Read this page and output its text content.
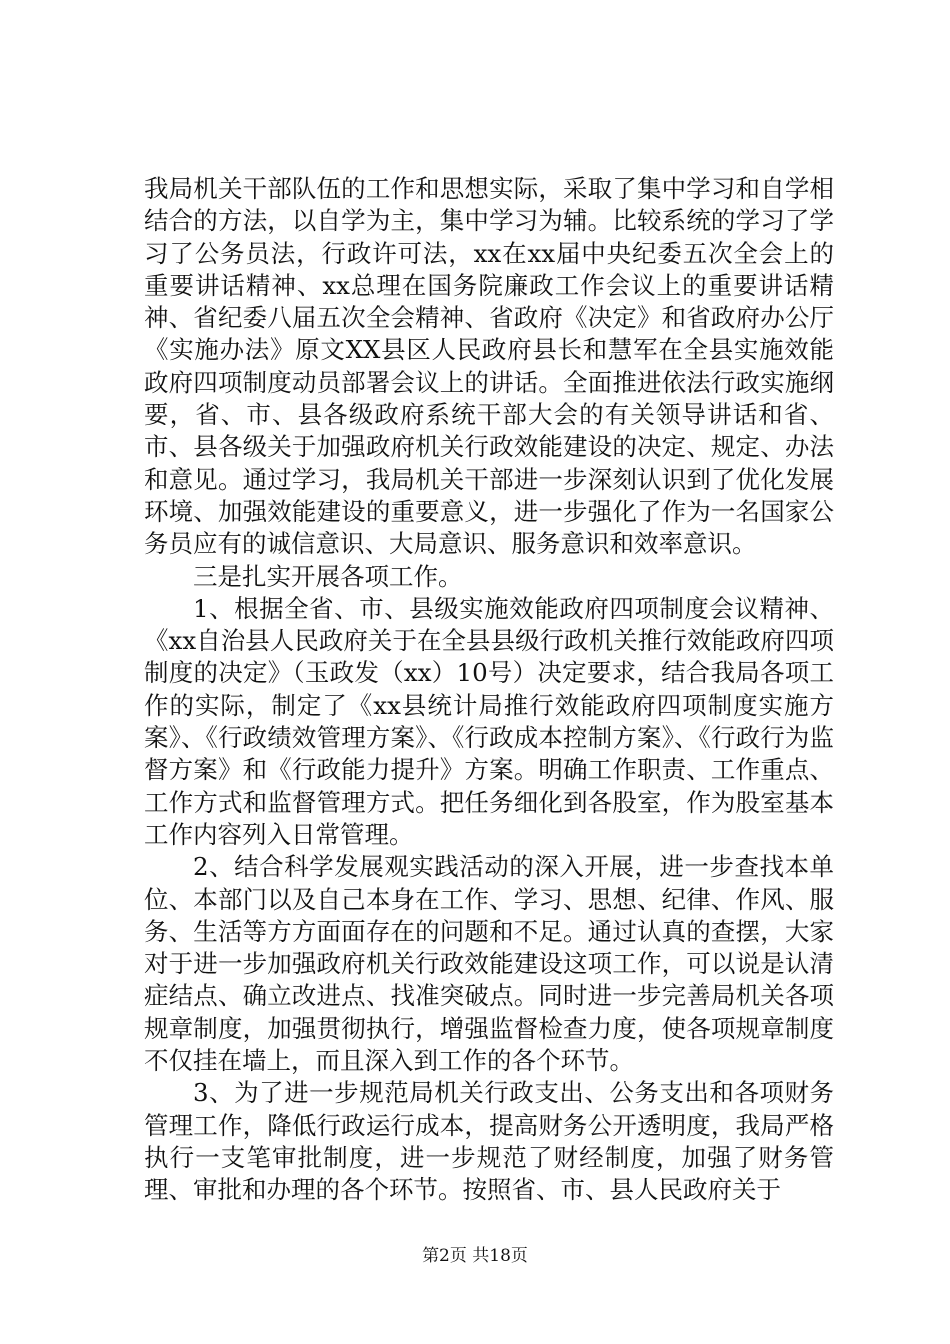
我局机关干部队伍的工作和思想实际，采取了集中学习和自学相结合的方法，以自学为主，集中学习为辅。比较系统的学习了学习了公务员法，行政许可法，xx在xx届中央纪委五次全会上的重要讲话精神、xx总理在国务院廉政工作会议上的重要讲话精神、省纪委八届五次全会精神、省政府《决定》和省政府办公厅《实施办法》原文XX县区人民政府县长和慧军在全县实施效能政府四项制度动员部署会议上的讲话。全面推进依法行政实施纲要，省、市、县各级政府系统干部大会的有关领导讲话和省、市、县各级关于加强政府机关行政效能建设的决定、规定、办法和意见。通过学习，我局机关干部进一步深刻认识到了优化发展环境、加强效能建设的重要意义，进一步强化了作为一名国家公务员应有的诚信意识、大局意识、服务意识和效率意识。

三是扎实开展各项工作。

1、根据全省、市、县级实施效能政府四项制度会议精神、《xx自治县人民政府关于在全县县级行政机关推行效能政府四项制度的决定》（玉政发（xx）10号）决定要求，结合我局各项工作的实际，制定了《xx县统计局推行效能政府四项制度实施方案》、《行政绩效管理方案》、《行政成本控制方案》、《行政行为监督方案》和《行政能力提升》方案。明确工作职责、工作重点、工作方式和监督管理方式。把任务细化到各股室，作为股室基本工作内容列入日常管理。

2、结合科学发展观实践活动的深入开展，进一步查找本单位、本部门以及自己本身在工作、学习、思想、纪律、作风、服务、生活等方方面面存在的问题和不足。通过认真的查摆，大家对于进一步加强政府机关行政效能建设这项工作，可以说是认清症结点、确立改进点、找准突破点。同时进一步完善局机关各项规章制度，加强贯彻执行，增强监督检查力度，使各项规章制度不仅挂在墙上，而且深入到工作的各个环节。

3、为了进一步规范局机关行政支出、公务支出和各项财务管理工作，降低行政运行成本，提高财务公开透明度，我局严格执行一支笔审批制度，进一步规范了财经制度，加强了财务管理、审批和办理的各个环节。按照省、市、县人民政府关于

第2页 共18页
